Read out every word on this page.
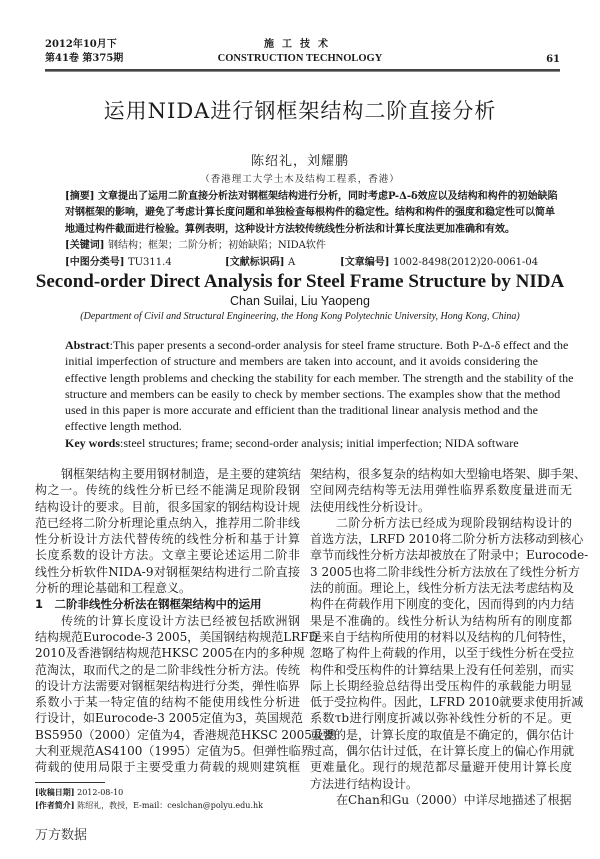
2012年10月下
第41卷 第375期
施工技术
CONSTRUCTION TECHNOLOGY	61
运用NIDA进行钢框架结构二阶直接分析
陈绍礼，刘耀鹏
（香港理工大学土木及结构工程系，香港）
[摘要] 文章提出了运用二阶直接分析法对钢框架结构进行分析，同时考虑P-Δ-δ效应以及结构和构件的初始缺陷
对钢框架的影响，避免了考虑计算长度问题和单独检查每根构件的稳定性。结构和构件的强度和稳定性可以简单
地通过构件截面进行检验。算例表明，这种设计方法较传统线性分析法和计算长度法更加准确和有效。
[关键词] 钢结构；框架；二阶分析；初始缺陷；NIDA软件
[中图分类号] TU311.4	[文献标识码] A	[文章编号] 1002-8498(2012)20-0061-04
Second-order Direct Analysis for Steel Frame Structure by NIDA
Chan Suilai, Liu Yaopeng
(Department of Civil and Structural Engineering, the Hong Kong Polytechnic University, Hong Kong, China)
Abstract:This paper presents a second-order analysis for steel frame structure. Both P-Δ-δ effect and the
initial imperfection of structure and members are taken into account, and it avoids considering the
effective length problems and checking the stability for each member. The strength and the stability of the
structure and members can be easily to check by member sections. The examples show that the method
used in this paper is more accurate and efficient than the traditional linear analysis method and the
effective length method.
Key words:steel structures; frame; second-order analysis; initial imperfection; NIDA software
钢框架结构主要用钢材制造，是主要的建筑结
构之一。传统的线性分析已经不能满足现阶段钢
结构设计的要求。目前，很多国家的钢结构设计规
范已经将二阶分析理论重点纳入，推荐用二阶非线
性分析设计方法代替传统的线性分析和基于计算
长度系数的设计方法。文章主要论述运用二阶非
线性分析软件NIDA-9对钢框架结构进行二阶直接
分析的理论基础和工程意义。
1　二阶非线性分析法在钢框架结构中的运用
传统的计算长度设计方法已经被包括欧洲钢
结构规范Eurocode-3 2005，美国钢结构规范LRFD
2010及香港钢结构规范HKSC 2005在内的多种规
范淘汰，取而代之的是二阶非线性分析方法。传统
的设计方法需要对钢框架结构进行分类，弹性临界
系数小于某一特定值的结构不能使用线性分析进
行设计，如Eurocode-3 2005定值为3，英国规范
BS5950（2000）定值为4，香港规范HKSC 2005及澳
大利亚规范AS4100（1995）定值为5。但弹性临界
荷载的使用局限于主要受重力荷载的规则建筑框
架结构，很多复杂的结构如大型输电塔架、脚手架、
空间网壳结构等无法用弹性临界系数度量进而无
法使用线性分析设计。
二阶分析方法已经成为现阶段钢结构设计的
首选方法，LRFD 2010将二阶分析方法移动到核心
章节而线性分析方法却被放在了附录中；Eurocode-
3 2005也将二阶非线性分析方法放在了线性分析方
法的前面。理论上，线性分析方法无法考虑结构及
构件在荷载作用下刚度的变化，因而得到的内力结
果是不准确的。线性分析认为结构所有的刚度都
是来自于结构所使用的材料以及结构的几何特性，
忽略了构件上荷载的作用，以至于线性分析在受拉
构件和受压构件的计算结果上没有任何差别，而实
际上长期经验总结得出受压构件的承载能力明显
低于受拉构件。因此，LFRD 2010就要求使用折减
系数τb进行刚度折减以弥补线性分析的不足。更
重要的是，计算长度的取值是不确定的，偶尔估计
过高，偶尔估计过低，在计算长度上的偏心作用就
更难量化。现行的规范都尽量避开使用计算长度
方法进行结构设计。
在Chan和Gu（2000）中详尽地描述了根据
[收稿日期] 2012-08-10
[作者简介] 陈绍礼，教授，E-mail：ceslchan@polyu.edu.hk
万方数据
